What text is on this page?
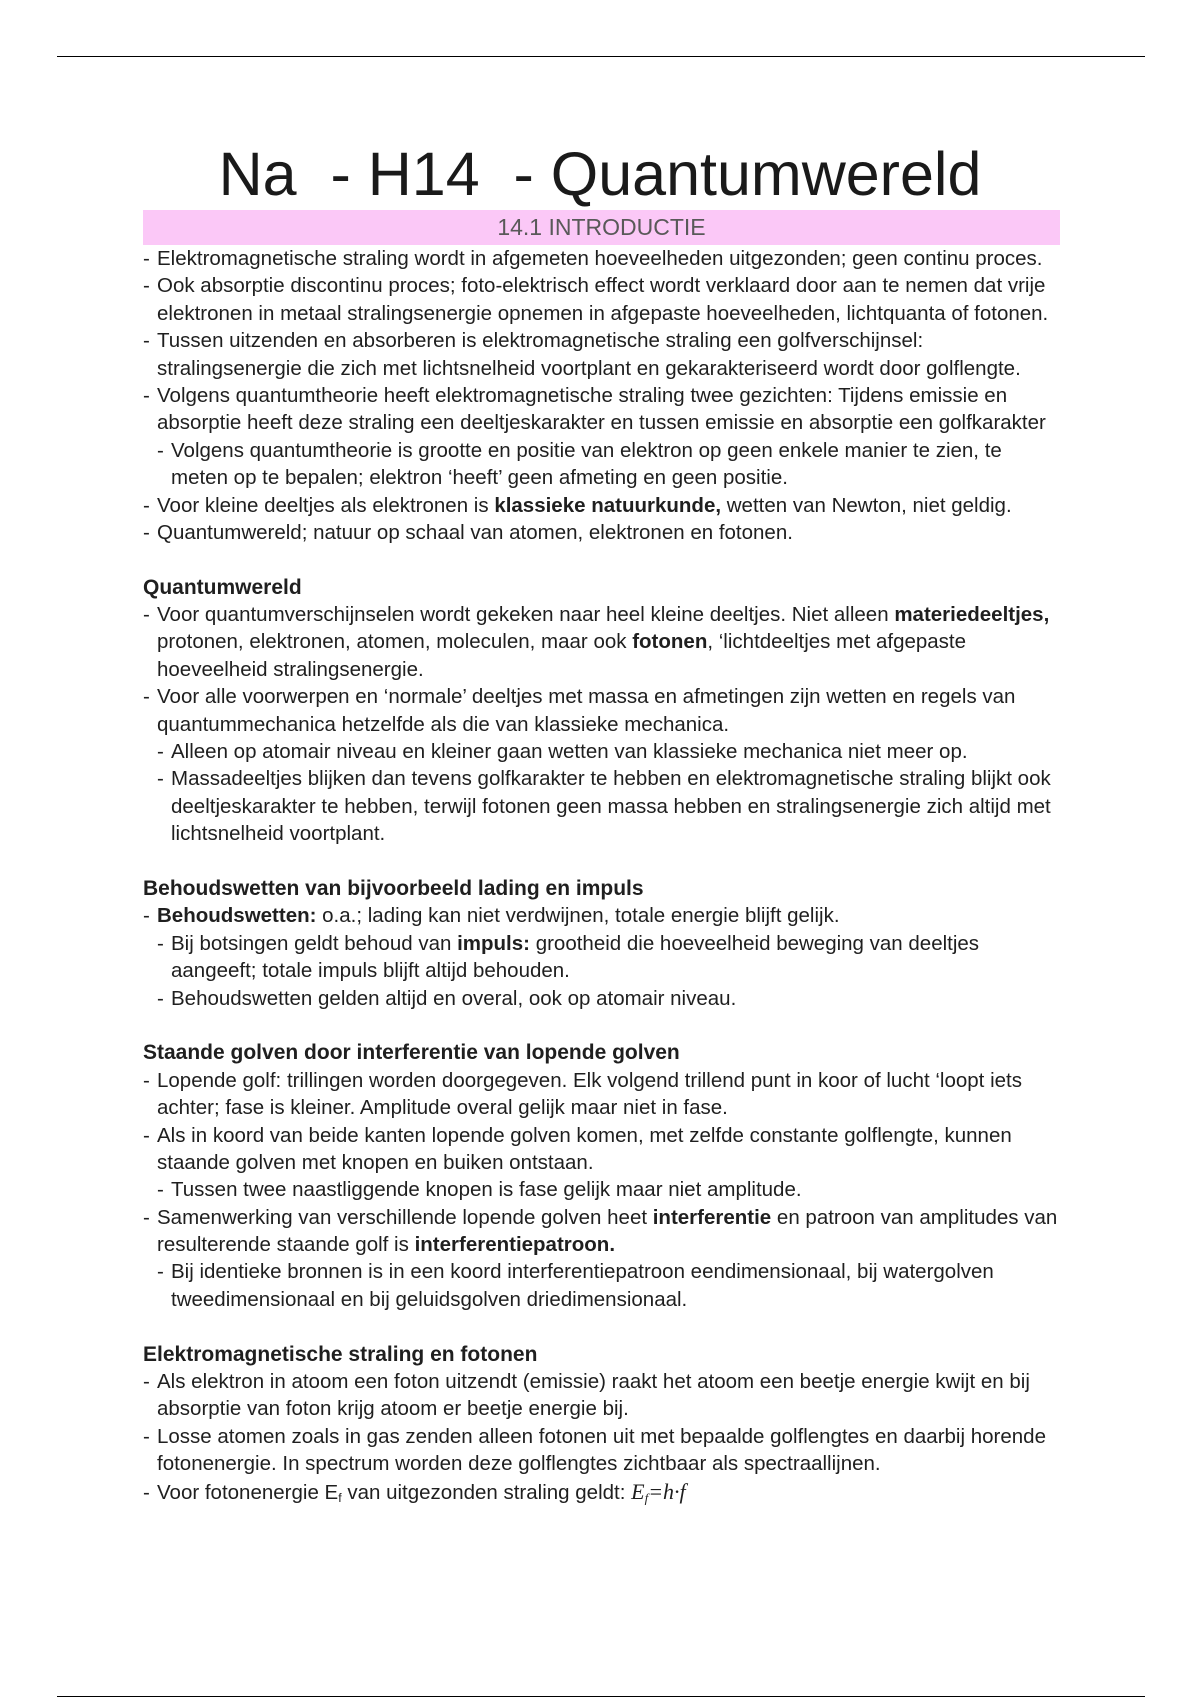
Na  - H14  - Quantumwereld
14.1 INTRODUCTIE
- Elektromagnetische straling wordt in afgemeten hoeveelheden uitgezonden; geen continu proces.
- Ook absorptie discontinu proces; foto-elektrisch effect wordt verklaard door aan te nemen dat vrije
elektronen in metaal stralingsenergie opnemen in afgepaste hoeveelheden, lichtquanta of fotonen.
- Tussen uitzenden en absorberen is elektromagnetische straling een golfverschijnsel:
stralingsenergie die zich met lichtsnelheid voortplant en gekarakteriseerd wordt door golflengte.
- Volgens quantumtheorie heeft elektromagnetische straling twee gezichten: Tijdens emissie en
absorptie heeft deze straling een deeltjeskarakter en tussen emissie en absorptie een golfkarakter
- Volgens quantumtheorie is grootte en positie van elektron op geen enkele manier te zien, te
meten op te bepalen; elektron ‘heeft’ geen afmeting en geen positie.
- Voor kleine deeltjes als elektronen is klassieke natuurkunde, wetten van Newton, niet geldig.
- Quantumwereld; natuur op schaal van atomen, elektronen en fotonen.
Quantumwereld
- Voor quantumverschijnselen wordt gekeken naar heel kleine deeltjes. Niet alleen materiedeeltjes,
protonen, elektronen, atomen, moleculen, maar ook fotonen, ‘lichtdeeltjes met afgepaste
hoeveelheid stralingsenergie.
- Voor alle voorwerpen en ‘normale’ deeltjes met massa en afmetingen zijn wetten en regels van
quantummechanica hetzelfde als die van klassieke mechanica.
- Alleen op atomair niveau en kleiner gaan wetten van klassieke mechanica niet meer op.
- Massadeeltjes blijken dan tevens golfkarakter te hebben en elektromagnetische straling blijkt ook
deeltjeskarakter te hebben, terwijl fotonen geen massa hebben en stralingsenergie zich altijd met
lichtsnelheid voortplant.
Behoudswetten van bijvoorbeeld lading en impuls
- Behoudswetten: o.a.; lading kan niet verdwijnen, totale energie blijft gelijk.
- Bij botsingen geldt behoud van impuls: grootheid die hoeveelheid beweging van deeltjes
aangeeft; totale impuls blijft altijd behouden.
- Behoudswetten gelden altijd en overal, ook op atomair niveau.
Staande golven door interferentie van lopende golven
- Lopende golf: trillingen worden doorgegeven. Elk volgend trillend punt in koor of lucht ‘loopt iets
achter; fase is kleiner. Amplitude overal gelijk maar niet in fase.
- Als in koord van beide kanten lopende golven komen, met zelfde constante golflengte, kunnen
staande golven met knopen en buiken ontstaan.
- Tussen twee naastliggende knopen is fase gelijk maar niet amplitude.
- Samenwerking van verschillende lopende golven heet interferentie en patroon van amplitudes van
resulterende staande golf is interferentiepatroon.
- Bij identieke bronnen is in een koord interferentiepatroon eendimensionaal, bij watergolven
tweedimensionaal en bij geluidsgolven driedimensionaal.
Elektromagnetische straling en fotonen
- Als elektron in atoom een foton uitzendt (emissie) raakt het atoom een beetje energie kwijt en bij
absorptie van foton krijg atoom er beetje energie bij.
- Losse atomen zoals in gas zenden alleen fotonen uit met bepaalde golflengtes en daarbij horende
fotonenergie. In spectrum worden deze golflengtes zichtbaar als spectraallijnen.
- Voor fotonenergie $E_f$ van uitgezonden straling geldt: $E_f=h\cdot f$
